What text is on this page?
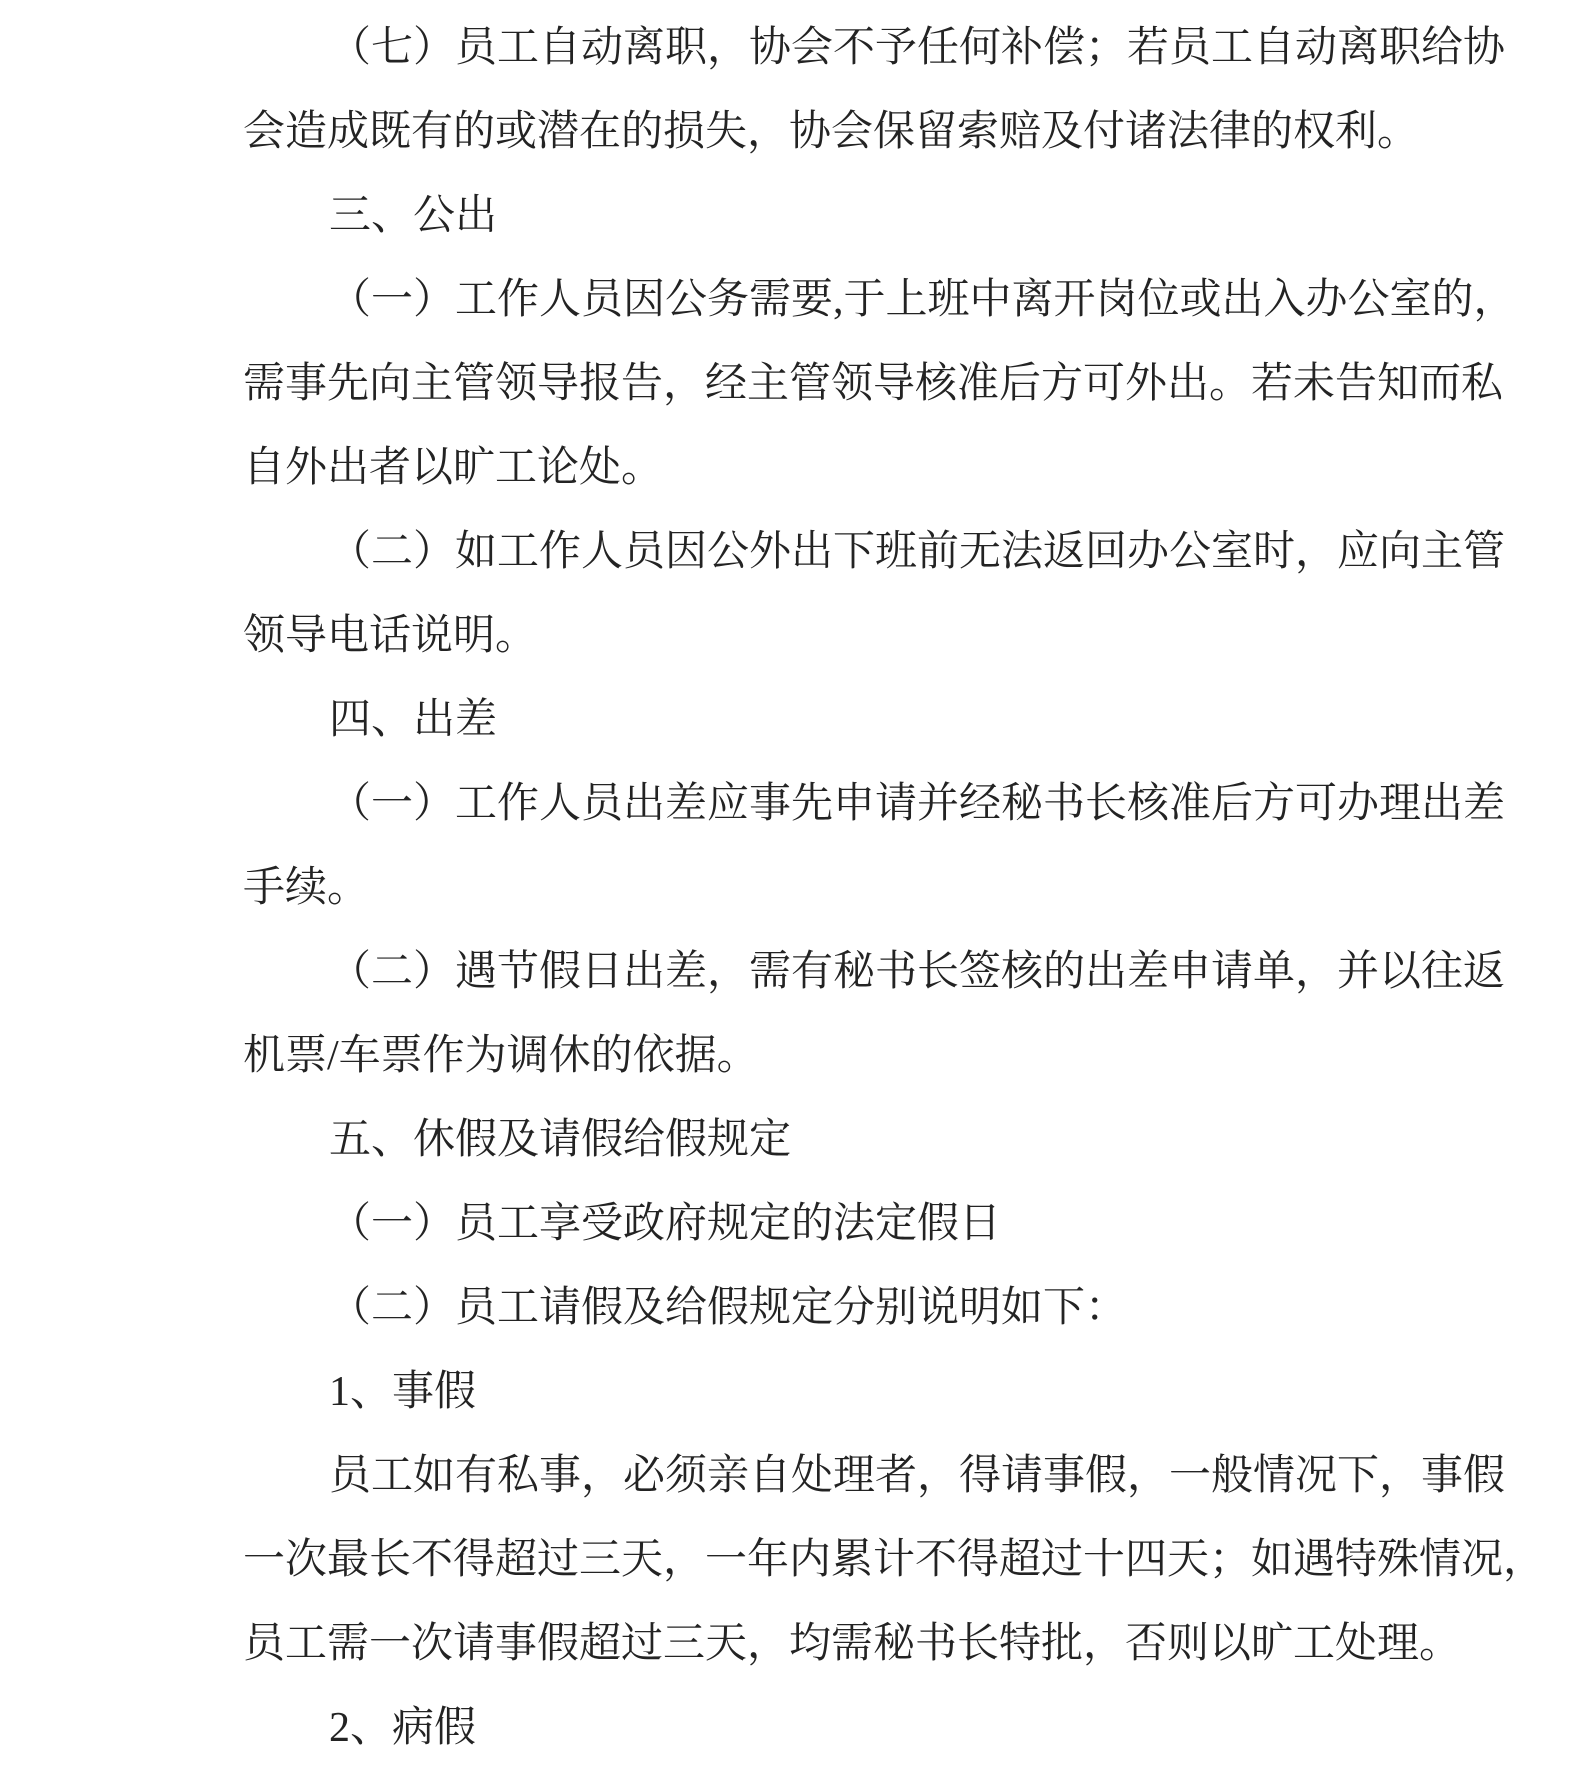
（七）员工自动离职，协会不予任何补偿；若员工自动离职给协
会造成既有的或潜在的损失，协会保留索赔及付诸法律的权利。
三、公出
（一）工作人员因公务需要,于上班中离开岗位或出入办公室的，
需事先向主管领导报告，经主管领导核准后方可外出。若未告知而私
自外出者以旷工论处。
（二）如工作人员因公外出下班前无法返回办公室时，应向主管
领导电话说明。
四、出差
（一）工作人员出差应事先申请并经秘书长核准后方可办理出差
手续。
（二）遇节假日出差，需有秘书长签核的出差申请单，并以往返
机票/车票作为调休的依据。
五、休假及请假给假规定
（一）员工享受政府规定的法定假日
（二）员工请假及给假规定分别说明如下：
1、事假
员工如有私事，必须亲自处理者，得请事假，一般情况下，事假
一次最长不得超过三天，一年内累计不得超过十四天；如遇特殊情况，
员工需一次请事假超过三天，均需秘书长特批，否则以旷工处理。
2、病假
